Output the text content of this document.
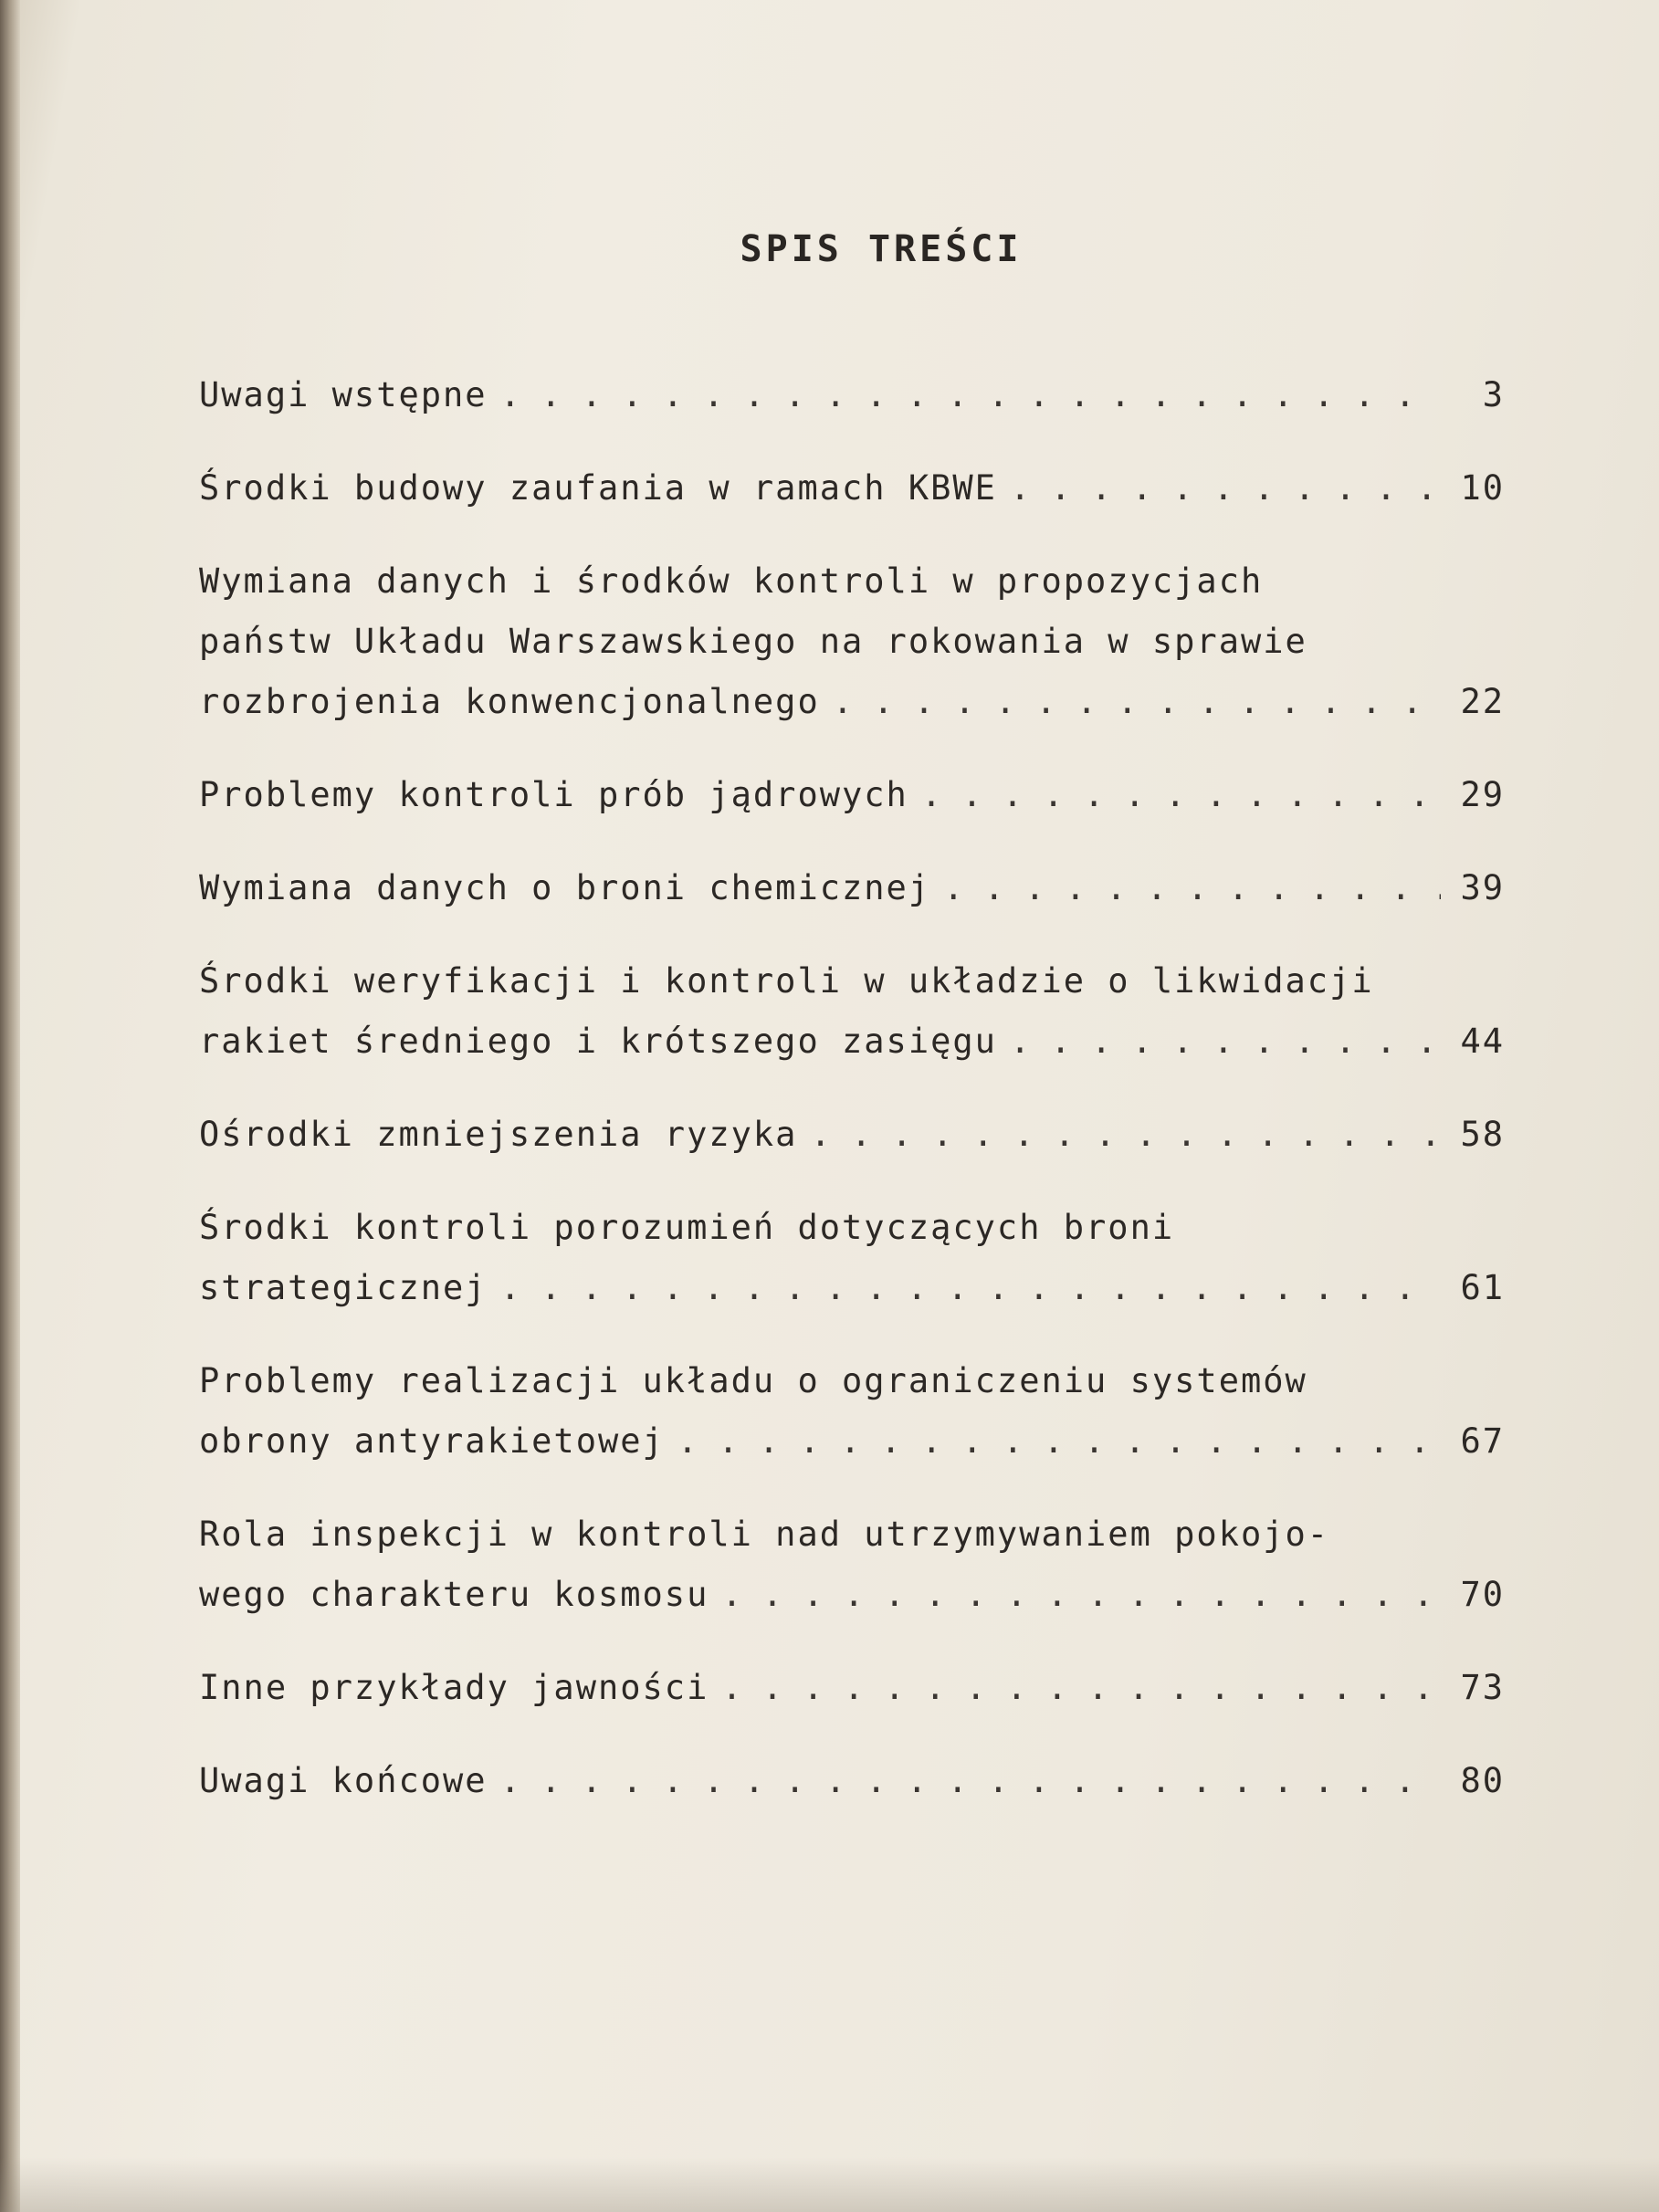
SPIS TREŚCI
Uwagi wstępne . . .	3
Środki budowy zaufania w ramach KBWE . . .	10
Wymiana danych i środków kontroli w propozycjach
państw Układu Warszawskiego na rokowania w sprawie
rozbrojenia konwencjonalnego . . .	22
Problemy kontroli prób jądrowych . . .	29
Wymiana danych o broni chemicznej . . .	39
Środki weryfikacji i kontroli w układzie o likwidacji
rakiet średniego i krótszego zasięgu . . .	44
Ośrodki zmniejszenia ryzyka . . .	58
Środki kontroli porozumień dotyczących broni
strategicznej . . .	61
Problemy realizacji układu o ograniczeniu systemów
obrony antyrakietowej . . .	67
Rola inspekcji w kontroli nad utrzymywaniem pokojo-
wego charakteru kosmosu . . .	70
Inne przykłady jawności . . .	73
Uwagi końcowe . . .	80
